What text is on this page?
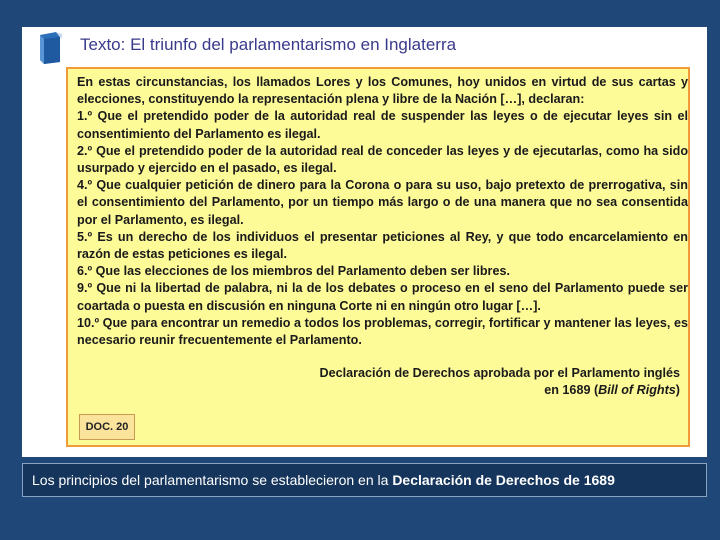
Texto: El triunfo del parlamentarismo en Inglaterra

En estas circunstancias, los llamados Lores y los Comunes, hoy unidos en virtud de sus cartas y elecciones, constituyendo la representación plena y libre de la Nación […], declaran:

1.º Que el pretendido poder de la autoridad real de suspender las leyes o de ejecutar leyes sin el consentimiento del Parlamento es ilegal.

2.º Que el pretendido poder de la autoridad real de conceder las leyes y de ejecutarlas, como ha sido usurpado y ejercido en el pasado, es ilegal.

4.º Que cualquier petición de dinero para la Corona o para su uso, bajo pretexto de prerrogativa, sin el consentimiento del Parlamento, por un tiempo más largo o de una manera que no sea consentida por el Parlamento, es ilegal.

5.º Es un derecho de los individuos el presentar peticiones al Rey, y que todo encarcelamiento en razón de estas peticiones es ilegal.

6.º Que las elecciones de los miembros del Parlamento deben ser libres.

9.º Que ni la libertad de palabra, ni la de los debates o proceso en el seno del Parlamento puede ser coartada o puesta en discusión en ninguna Corte ni en ningún otro lugar […].

10.º Que para encontrar un remedio a todos los problemas, corregir, fortificar y mantener las leyes, es necesario reunir frecuentemente el Parlamento.

Declaración de Derechos aprobada por el Parlamento inglés
en 1689 (Bill of Rights)
DOC. 20
Los principios del parlamentarismo se establecieron en la Declaración de Derechos de 1689
